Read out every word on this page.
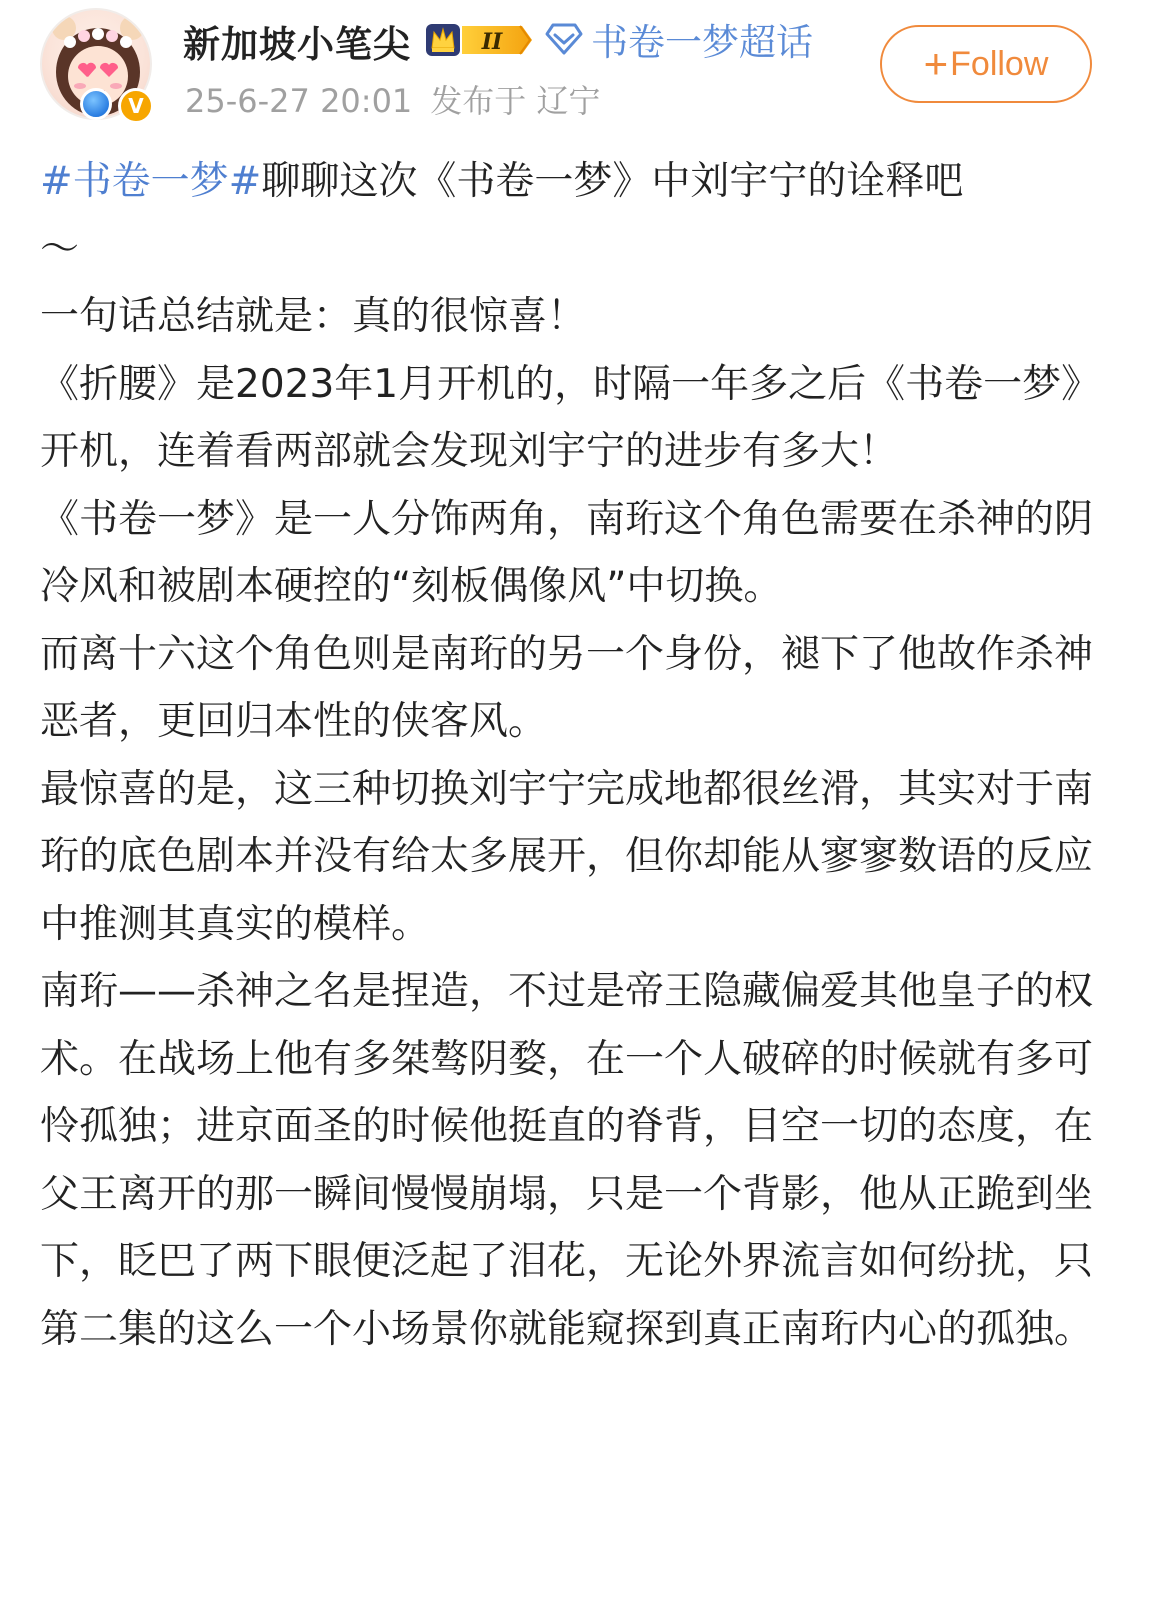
V
新加坡小笔尖	II 书卷一梦超话
25-6-27 20:01 发布于 辽宁
+ Follow
#书卷一梦#聊聊这次《书卷一梦》中刘宇宁的诠释吧
～
一句话总结就是：真的很惊喜！
《折腰》是2023年1月开机的，时隔一年多之后《书卷一梦》开机，连着看两部就会发现刘宇宁的进步有多大！
《书卷一梦》是一人分饰两角，南珩这个角色需要在杀神的阴冷风和被剧本硬控的“刻板偶像风”中切换。
而离十六这个角色则是南珩的另一个身份，褪下了他故作杀神恶者，更回归本性的侠客风。
最惊喜的是，这三种切换刘宇宁完成地都很丝滑，其实对于南珩的底色剧本并没有给太多展开，但你却能从寥寥数语的反应中推测其真实的模样。
南珩——杀神之名是捏造，不过是帝王隐藏偏爱其他皇子的权术。在战场上他有多桀骜阴婺，在一个人破碎的时候就有多可怜孤独；进京面圣的时候他挺直的脊背，目空一切的态度，在父王离开的那一瞬间慢慢崩塌，只是一个背影，他从正跪到坐下，眨巴了两下眼便泛起了泪花，无论外界流言如何纷扰，只第二集的这么一个小场景你就能窥探到真正南珩内心的孤独。
